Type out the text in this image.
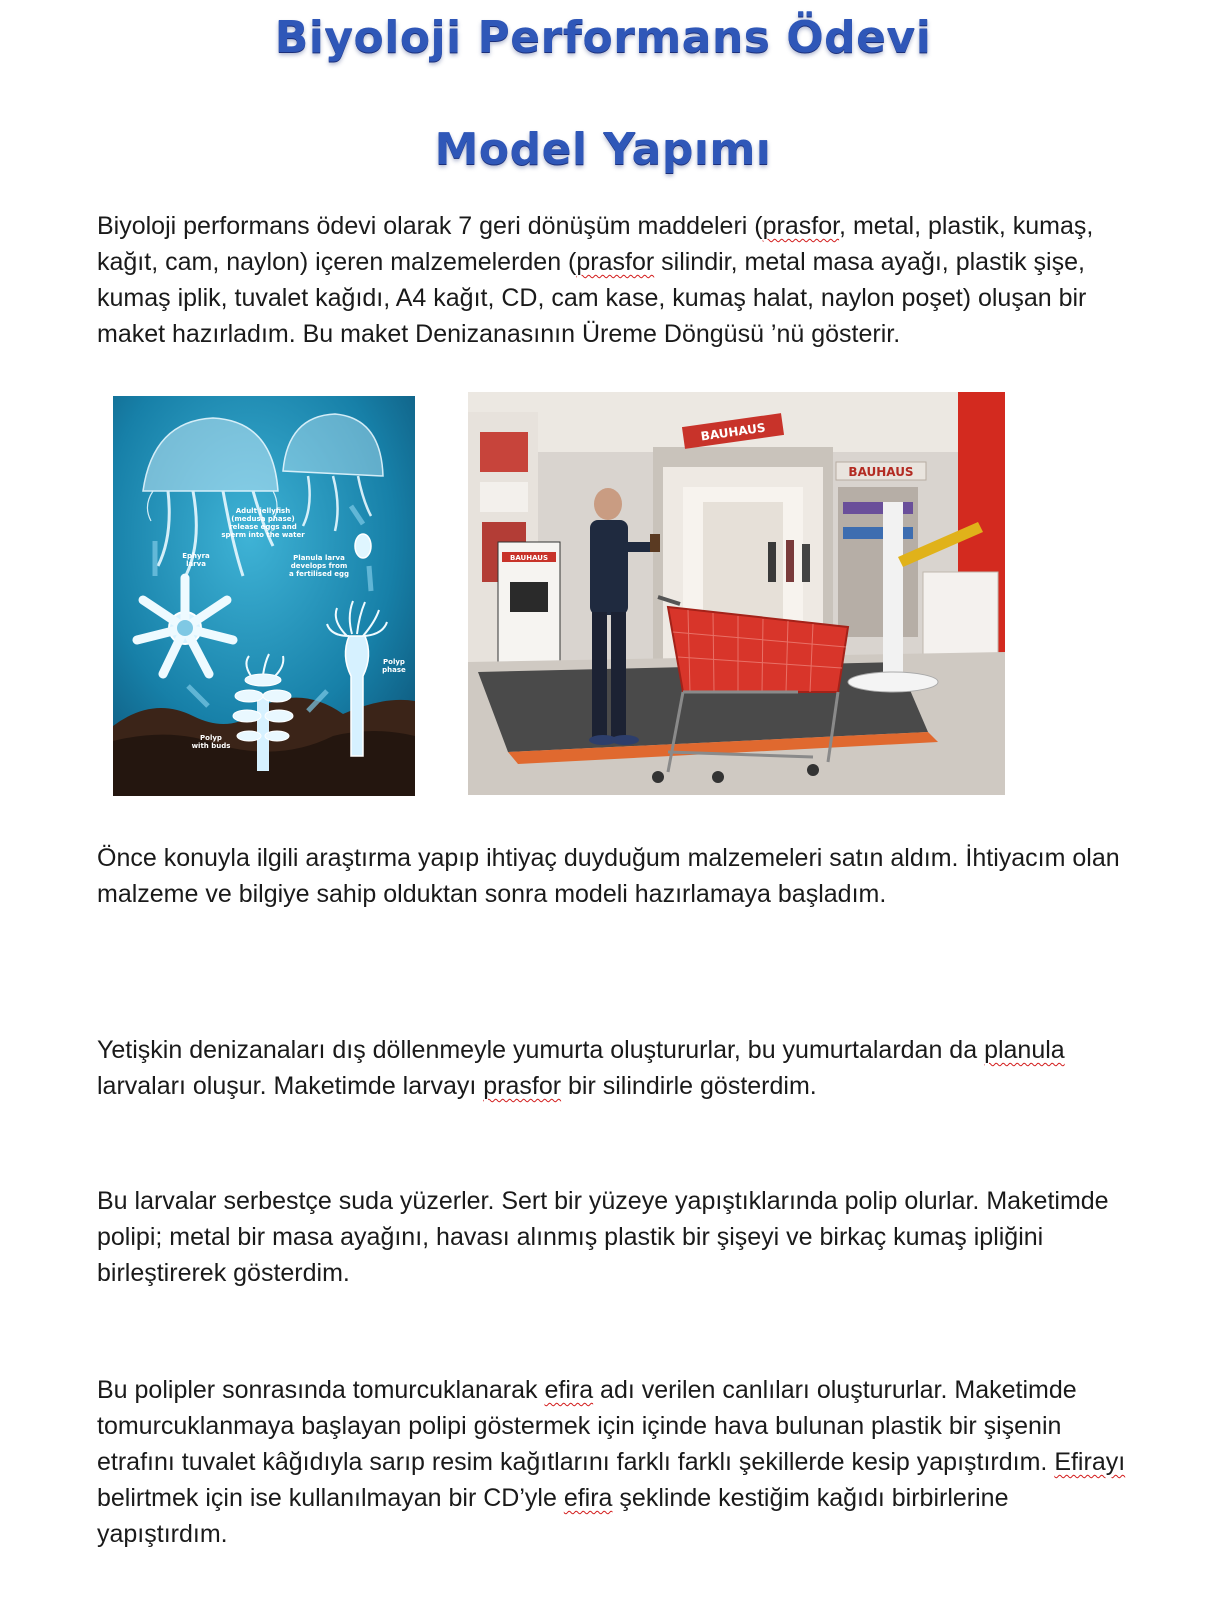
Biyoloji Performans Ödevi
Model Yapımı

Biyoloji performans ödevi olarak 7 geri dönüşüm maddeleri (prasfor, metal, plastik, kumaş, kağıt, cam, naylon) içeren malzemelerden (prasfor silindir, metal masa ayağı, plastik şişe, kumaş iplik, tuvalet kağıdı, A4 kağıt, CD, cam kase, kumaş halat, naylon poşet) oluşan bir maket hazırladım. Bu maket Denizanasının Üreme Döngüsü ’nü gösterir.

Adult jellyfish
(medusa phase)
release eggs and
sperm into the water
Ephyra
larva
Planula larva
develops from
a fertilised egg
Polyp
phase
Polyp
with buds
BAUHAUS
BAUHAUS
BAUHAUS

Önce konuyla ilgili araştırma yapıp ihtiyaç duyduğum malzemeleri satın aldım. İhtiyacım olan malzeme ve bilgiye sahip olduktan sonra modeli hazırlamaya başladım.

Yetişkin denizanaları dış döllenmeyle yumurta oluştururlar, bu yumurtalardan da planula larvaları oluşur. Maketimde larvayı prasfor bir silindirle gösterdim.

Bu larvalar serbestçe suda yüzerler. Sert bir yüzeye yapıştıklarında polip olurlar. Maketimde polipi; metal bir masa ayağını, havası alınmış plastik bir şişeyi ve birkaç kumaş ipliğini birleştirerek gösterdim.

Bu polipler sonrasında tomurcuklanarak efira adı verilen canlıları oluştururlar. Maketimde tomurcuklanmaya başlayan polipi göstermek için içinde hava bulunan plastik bir şişenin etrafını tuvalet kâğıdıyla sarıp resim kağıtlarını farklı farklı şekillerde kesip yapıştırdım. Efirayı belirtmek için ise kullanılmayan bir CD’yle efira şeklinde kestiğim kağıdı birbirlerine yapıştırdım.
